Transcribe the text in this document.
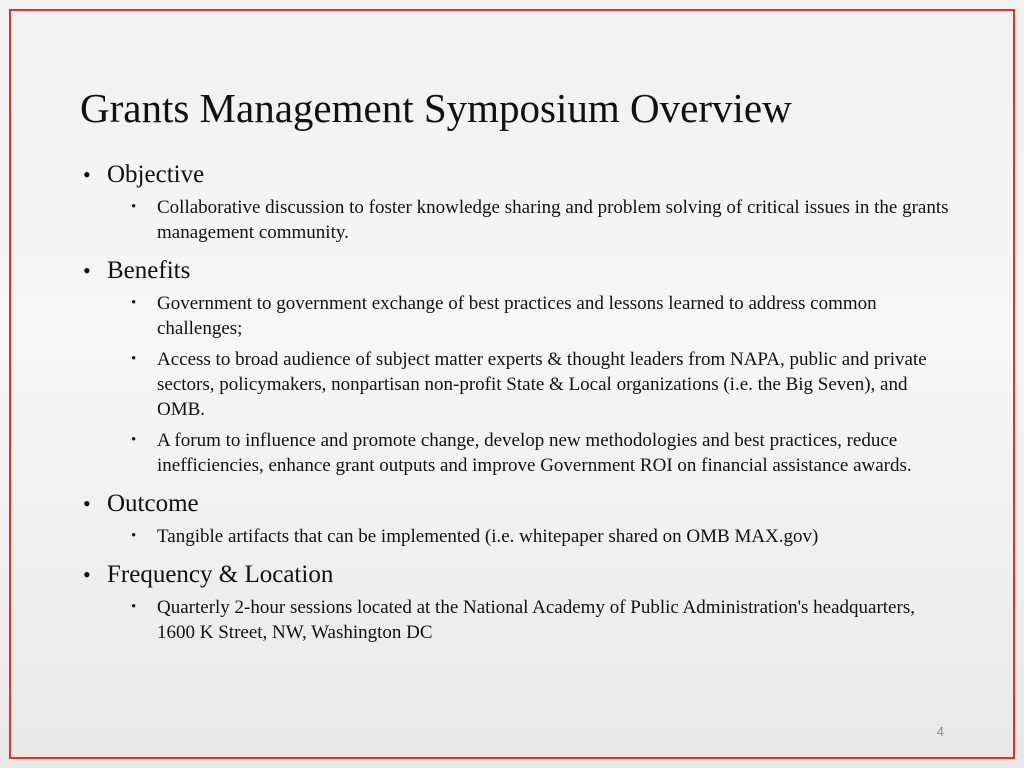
Grants Management Symposium Overview
• Objective
• Collaborative discussion to foster knowledge sharing and problem solving of critical issues in the grants management community.
• Benefits
• Government to government exchange of best practices and lessons learned to address common challenges;
• Access to broad audience of subject matter experts & thought leaders from NAPA, public and private sectors, policymakers, nonpartisan non-profit State & Local organizations (i.e. the Big Seven), and OMB.
• A forum to influence and promote change, develop new methodologies and best practices, reduce inefficiencies, enhance grant outputs and improve Government ROI on financial assistance awards.
• Outcome
• Tangible artifacts that can be implemented (i.e. whitepaper shared on OMB MAX.gov)
• Frequency & Location
• Quarterly 2-hour sessions located at the National Academy of Public Administration's headquarters, 1600 K Street, NW, Washington DC
4
